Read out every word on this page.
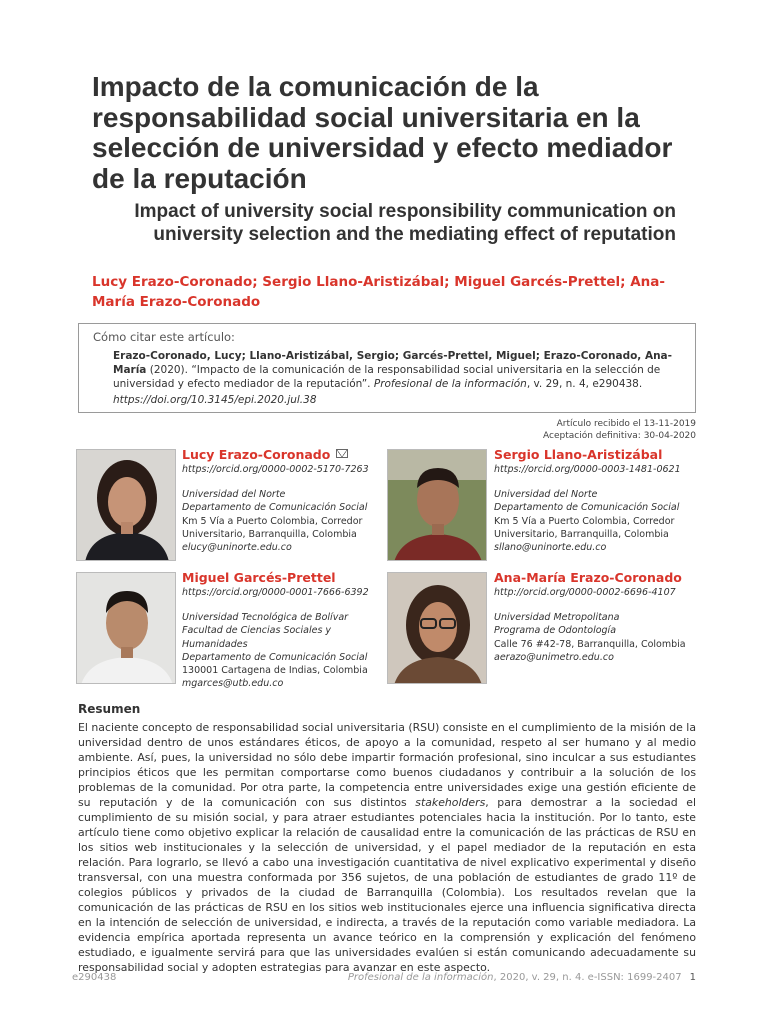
Impacto de la comunicación de la responsabilidad social universitaria en la selección de universidad y efecto mediador de la reputación
Impact of university social responsibility communication on university selection and the mediating effect of reputation
Lucy Erazo-Coronado; Sergio Llano-Aristizábal; Miguel Garcés-Prettel; Ana-María Erazo-Coronado
Cómo citar este artículo:
Erazo-Coronado, Lucy; Llano-Aristizábal, Sergio; Garcés-Prettel, Miguel; Erazo-Coronado, Ana-María (2020). “Impacto de la comunicación de la responsabilidad social universitaria en la selección de universidad y efecto mediador de la reputación”. Profesional de la información, v. 29, n. 4, e290438.
https://doi.org/10.3145/epi.2020.jul.38
Artículo recibido el 13-11-2019
Aceptación definitiva: 30-04-2020
Lucy Erazo-Coronado
https://orcid.org/0000-0002-5170-7263
Universidad del Norte
Departamento de Comunicación Social
Km 5 Vía a Puerto Colombia, Corredor
Universitario, Barranquilla, Colombia
elucy@uninorte.edu.co
Sergio Llano-Aristizábal
https://orcid.org/0000-0003-1481-0621
Universidad del Norte
Departamento de Comunicación Social
Km 5 Vía a Puerto Colombia, Corredor
Universitario, Barranquilla, Colombia
sllano@uninorte.edu.co
Miguel Garcés-Prettel
https://orcid.org/0000-0001-7666-6392
Universidad Tecnológica de Bolívar
Facultad de Ciencias Sociales y
Humanidades
Departamento de Comunicación Social
130001 Cartagena de Indias, Colombia
mgarces@utb.edu.co
Ana-María Erazo-Coronado
http://orcid.org/0000-0002-6696-4107
Universidad Metropolitana
Programa de Odontología
Calle 76 #42-78, Barranquilla, Colombia
aerazo@unimetro.edu.co
Resumen

El naciente concepto de responsabilidad social universitaria (RSU) consiste en el cumplimiento de la misión de la universidad dentro de unos estándares éticos, de apoyo a la comunidad, respeto al ser humano y al medio ambiente. Así, pues, la universidad no sólo debe impartir formación profesional, sino inculcar a sus estudiantes principios éticos que les permitan comportarse como buenos ciudadanos y contribuir a la solución de los problemas de la comunidad. Por otra parte, la competencia entre universidades exige una gestión eficiente de su reputación y de la comunicación con sus distintos stakeholders, para demostrar a la sociedad el cumplimiento de su misión social, y para atraer estudiantes potenciales hacia la institución. Por lo tanto, este artículo tiene como objetivo explicar la relación de causalidad entre la comunicación de las prácticas de RSU en los sitios web institucionales y la selección de universidad, y el papel mediador de la reputación en esta relación. Para lograrlo, se llevó a cabo una investigación cuantitativa de nivel explicativo experimental y diseño transversal, con una muestra conformada por 356 sujetos, de una población de estudiantes de grado 11º de colegios públicos y privados de la ciudad de Barranquilla (Colombia). Los resultados revelan que la comunicación de las prácticas de RSU en los sitios web institucionales ejerce una influencia significativa directa en la intención de selección de universidad, e indirecta, a través de la reputación como variable mediadora. La evidencia empírica aportada representa un avance teórico en la comprensión y explicación del fenómeno estudiado, e igualmente servirá para que las universidades evalúen si están comunicando adecuadamente su responsabilidad social y adopten estrategias para avanzar en este aspecto.

e290438	Profesional de la información, 2020, v. 29, n. 4. e-ISSN: 1699-2407 1
